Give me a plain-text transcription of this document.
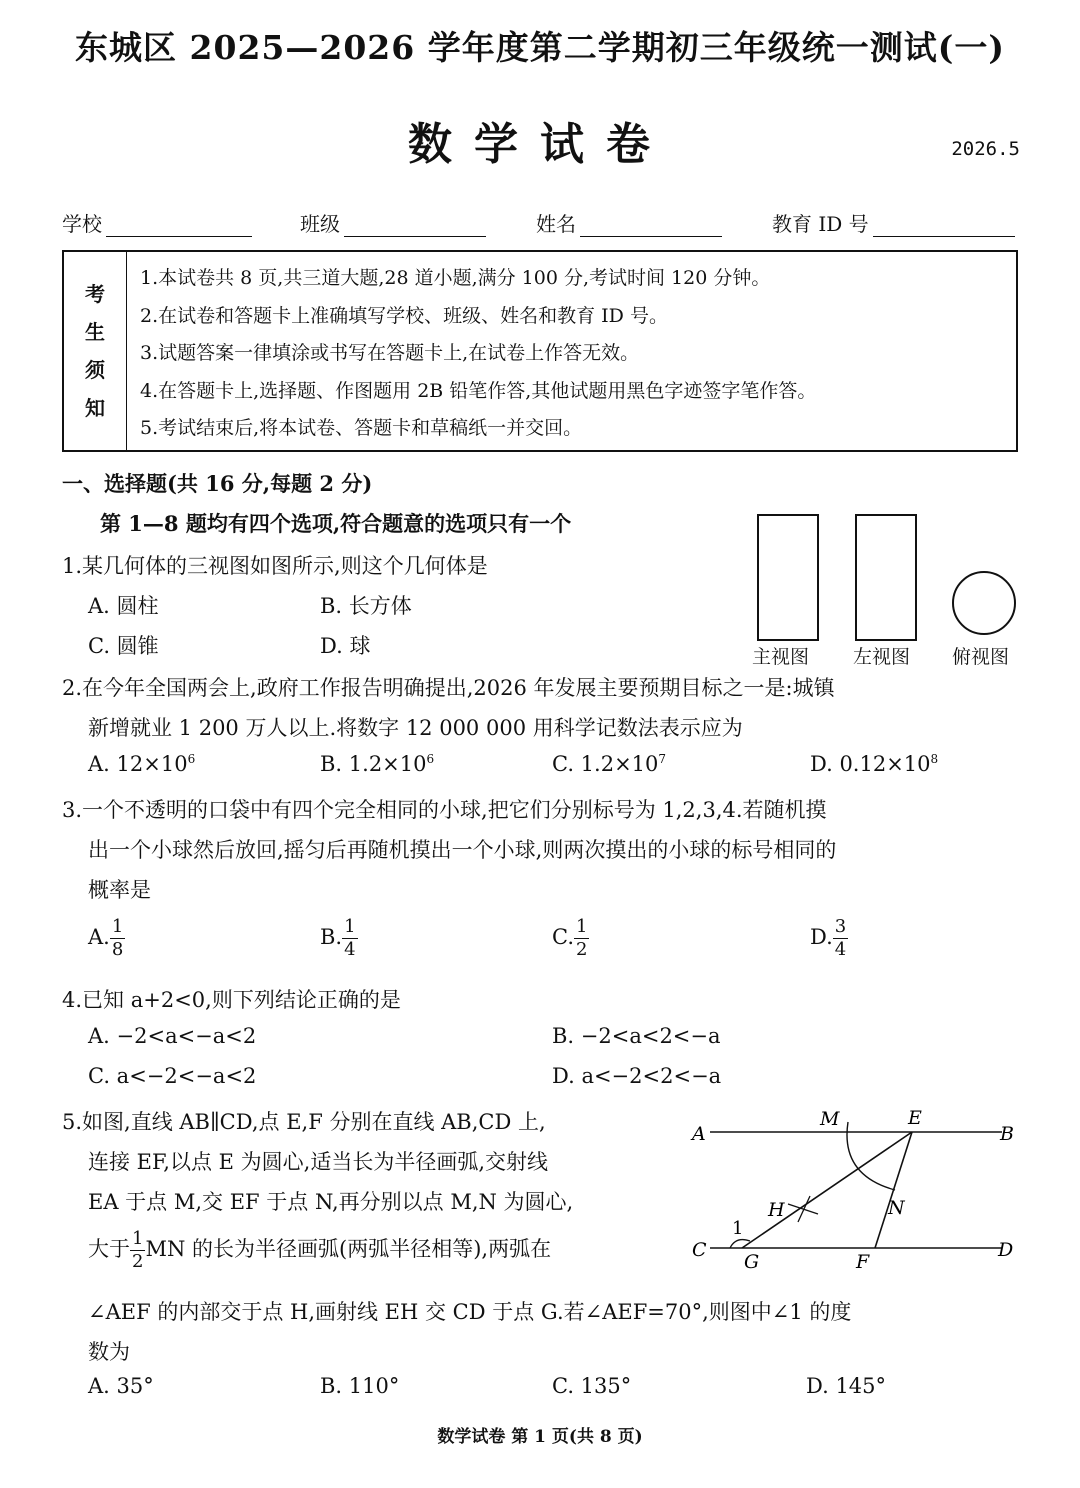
东城区 2025—2026 学年度第二学期初三年级统一测试(一)
数学试卷	2026.5
学校	班级	姓名	教育 ID 号
考
生
须
知
1.本试卷共 8 页,共三道大题,28 道小题,满分 100 分,考试时间 120 分钟。
2.在试卷和答题卡上准确填写学校、班级、姓名和教育 ID 号。
3.试题答案一律填涂或书写在答题卡上,在试卷上作答无效。
4.在答题卡上,选择题、作图题用 2B 铅笔作答,其他试题用黑色字迹签字笔作答。
5.考试结束后,将本试卷、答题卡和草稿纸一并交回。
一、选择题(共 16 分,每题 2 分)
第 1—8 题均有四个选项,符合题意的选项只有一个
1.某几何体的三视图如图所示,则这个几何体是
A. 圆柱	B. 长方体
C. 圆锥	D. 球	主视图 左视图 俯视图
2.在今年全国两会上,政府工作报告明确提出,2026 年发展主要预期目标之一是:城镇
新增就业 1 200 万人以上.将数字 12 000 000 用科学记数法表示应为
A. $12\times 10^6$	B. $1.2\times 10^6$	C. $1.2\times 10^7$	D. $0.12\times 10^8$
3.一个不透明的口袋中有四个完全相同的小球,把它们分别标号为 1,2,3,4.若随机摸
出一个小球然后放回,摇匀后再随机摸出一个小球,则两次摸出的小球的标号相同的
概率是
A. $\frac{1}{8}$	B. $\frac{1}{4}$	C. $\frac{1}{2}$	D. $\frac{3}{4}$
4.已知 a+2<0,则下列结论正确的是
A. −2<a<−a<2	B. −2<a<2<−a
C. a<−2<−a<2	D. a<−2<2<−a
5.如图,直线 AB∥CD,点 E,F 分别在直线 AB,CD 上,
连接 EF,以点 E 为圆心,适当长为半径画弧,交射线
EA 于点 M,交 EF 于点 N,再分别以点 M,N 为圆心,
大于 $\frac{1}{2}$ MN 的长为半径画弧(两弧半径相等),两弧在
∠AEF 的内部交于点 H,画射线 EH 交 CD 于点 G.若∠AEF=70°,则图中∠1 的度
数为
A. 35°	B. 110°	C. 135°	D. 145°
A	B
M	E
H	N
1
C
G	F
D
数学试卷 第 1 页(共 8 页)
